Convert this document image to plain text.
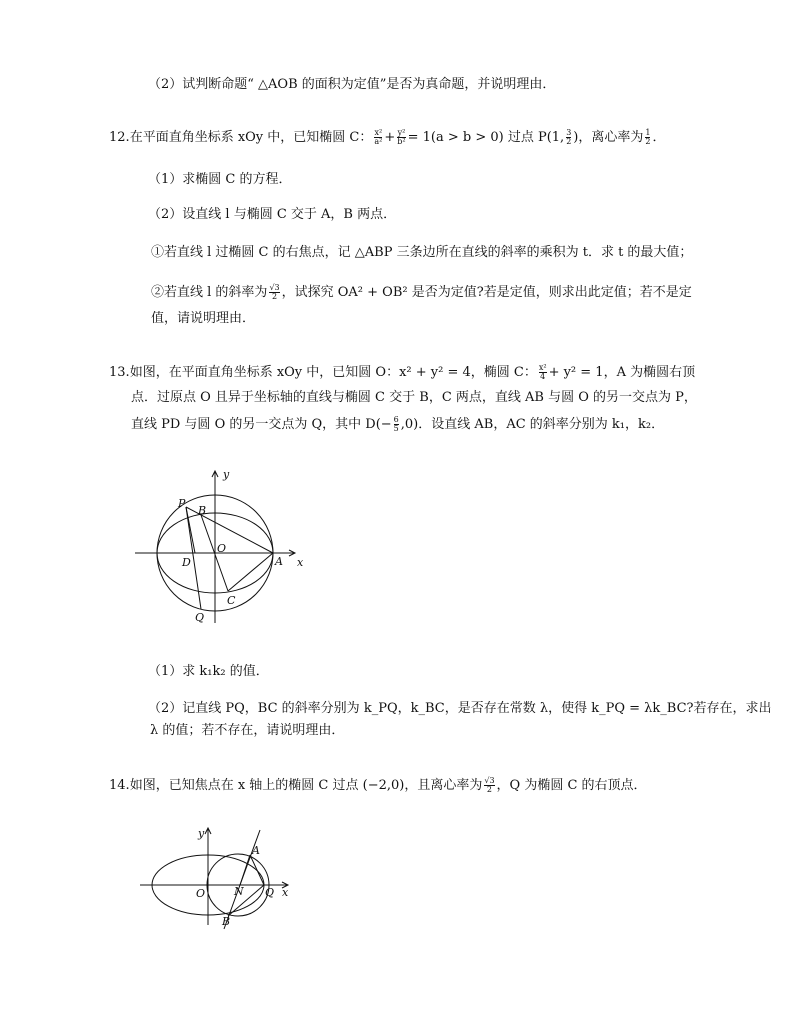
（2）试判断命题“ △AOB 的面积为定值”是否为真命题，并说明理由．
12.在平面直角坐标系 xOy 中，已知椭圆 C： $\frac{\text{x²}}{\text{a²}} + \frac{\text{y²}}{\text{b²}} = 1(a > b > 0)$ 过点 P(1, $\frac{3}{2}$ )，离心率为 $\frac{1}{2}$ ．
（1）求椭圆 C 的方程．
（2）设直线 l 与椭圆 C 交于 A，B 两点．
①若直线 l 过椭圆 C 的右焦点，记 △ABP 三条边所在直线的斜率的乘积为 t．求 t 的最大值；
②若直线 l 的斜率为 $\frac{√3}{2}$ ，试探究 OA² + OB² 是否为定值?若是定值，则求出此定值；若不是定
值，请说明理由．
13.如图，在平面直角坐标系 xOy 中，已知圆 O：x² + y² = 4，椭圆 C： $\frac{\text{x²}}{4} + y^2 = 1$，A 为椭圆右顶
点．过原点 O 且异于坐标轴的直线与椭圆 C 交于 B，C 两点，直线 AB 与圆 O 的另一交点为 P，
直线 PD 与圆 O 的另一交点为 Q，其中 $D(- \frac{6}{5} ,0)$．设直线 AB，AC 的斜率分别为 k₁，k₂．
y
x
P
B
O
D	A
C
Q
（1）求 k₁k₂ 的值．
（2）记直线 PQ，BC 的斜率分别为 k_PQ，k_BC，是否存在常数 λ，使得 k_PQ = λk_BC?若存在，求出
λ 的值；若不存在，请说明理由．
14.如图，已知焦点在 x 轴上的椭圆 C 过点 (−2,0)，且离心率为 $\frac{√3}{2}$ ，Q 为椭圆 C 的右顶点．
y
x
O	N Q
A
B
